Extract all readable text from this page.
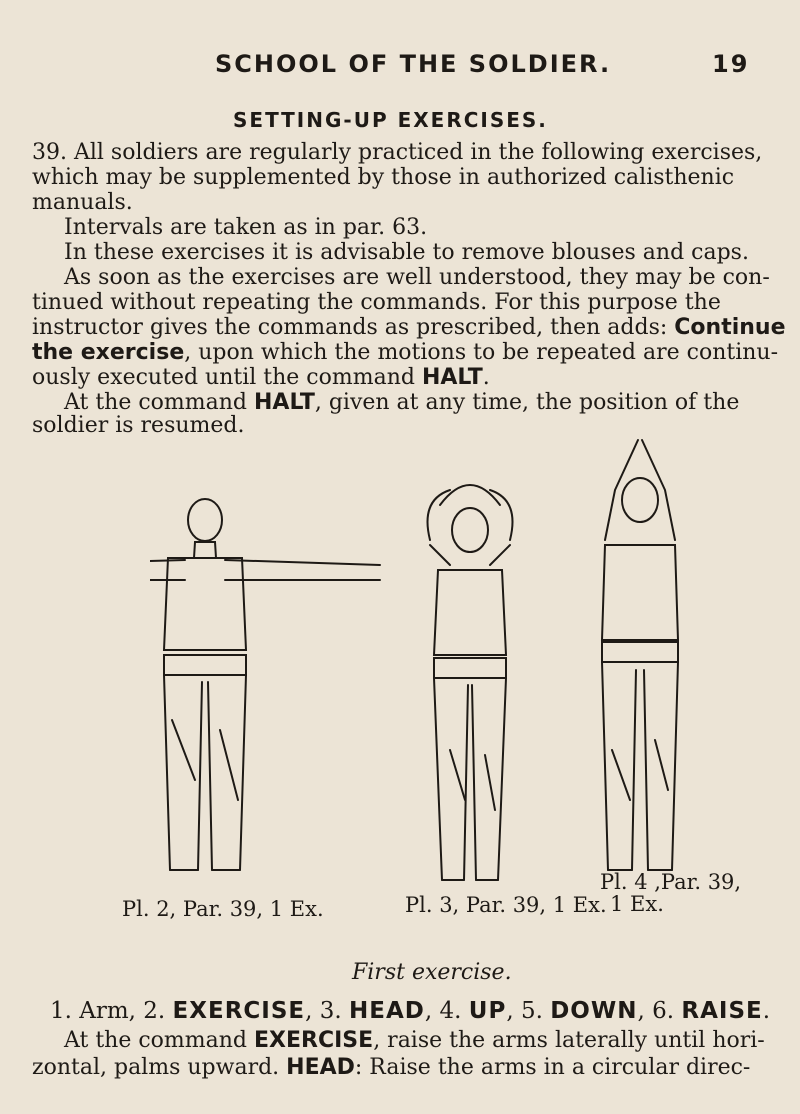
SCHOOL OF THE SOLDIER.	19
SETTING-UP EXERCISES.
39. All soldiers are regularly practiced in the following exercises,
which may be supplemented by those in authorized calisthenic
manuals.
Intervals are taken as in par. 63.
In these exercises it is advisable to remove blouses and caps.
As soon as the exercises are well understood, they may be con-
tinued without repeating the commands. For this purpose the
instructor gives the commands as prescribed, then adds: Continue
the exercise, upon which the motions to be repeated are continu-
ously executed until the command HALT.
At the command HALT, given at any time, the position of the
soldier is resumed.
Pl. 2, Par. 39, 1 Ex.	Pl. 3, Par. 39, 1 Ex.
Pl. 4 ,Par. 39,
1 Ex.
First exercise.
1. Arm, 2. EXERCISE, 3. HEAD, 4. UP, 5. DOWN, 6. RAISE.
At the command EXERCISE, raise the arms laterally until hori-
zontal, palms upward. HEAD: Raise the arms in a circular direc-
